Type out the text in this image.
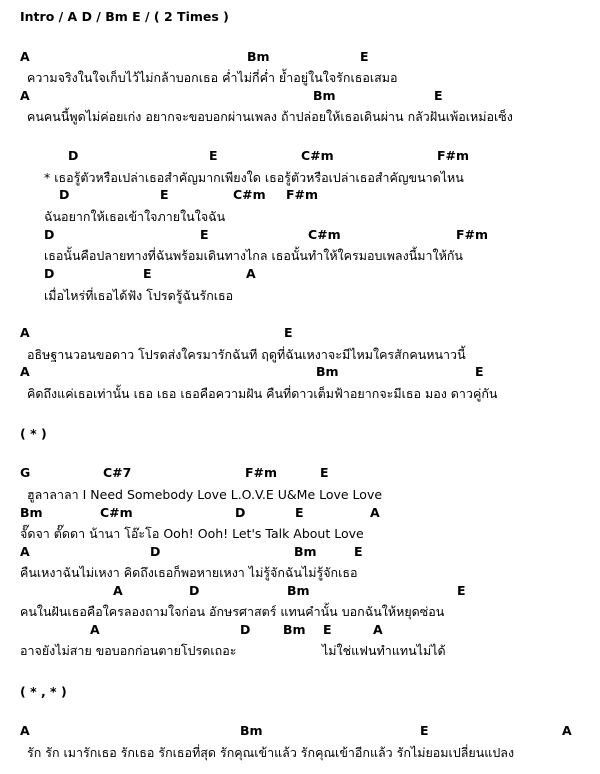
Intro / A D / Bm E / ( 2 Times )
A	Bm	E
ความจริงในใจเก็บไว้ไม่กล้าบอกเธอ ค่ำไม่กี่ค่ำ ย้ำอยู่ในใจรักเธอเสมอ
A	Bm	E
คนคนนี้พูดไม่ค่อยเก่ง อยากจะขอบอกผ่านเพลง ถ้าปล่อยให้เธอเดินผ่าน กลัวฝันเพ้อเหม่อเซ็ง
D	E	C#m	F#m
* เธอรู้ตัวหรือเปล่าเธอสำคัญมากเพียงใด เธอรู้ตัวหรือเปล่าเธอสำคัญขนาดไหน
D	E	C#m F#m
ฉันอยากให้เธอเข้าใจภายในใจฉัน
D	E	C#m	F#m
เธอนั้นคือปลายทางที่ฉันพร้อมเดินทางไกล เธอนั้นทำให้ใครมอบเพลงนี้มาให้กัน
D	E	A
เมื่อไหร่ที่เธอได้ฟัง โปรดรู้ฉันรักเธอ
A	E
อธิษฐานวอนขอดาว โปรดส่งใครมารักฉันที ฤดูที่ฉันเหงาจะมีไหมใครสักคนหนาวนี้
A	Bm	E
คิดถึงแค่เธอเท่านั้น เธอ เธอ เธอคือความฝัน คืนที่ดาวเต็มฟ้าอยากจะมีเธอ มอง ดาวคู่กัน
( * )
G	C#7	F#m	E
ฮูลาลาลา I Need Somebody Love L.O.V.E U&Me Love Love
Bm	C#m	D	E	A
จั๊ดจา ตั๊ดดา น้านา โอ๊ะโอ Ooh! Ooh! Let's Talk About Love
A	D	Bm	E
คืนเหงาฉันไม่เหงา คิดถึงเธอก็พอหายเหงา ไม่รู้จักฉันไม่รู้จักเธอ
A	D	Bm	E
คนในฝันเธอคือใครลองถามใจก่อน อักษรศาสตร์ แทนคำนั้น บอกฉันให้หยุดซ่อน
A	D	Bm E	A
อาจยังไม่สาย ขอบอกก่อนตายโปรดเถอะ	ไม่ใช่แฟนทำแทนไม่ได้
( * , * )
A	Bm	E	A
รัก รัก เมารักเธอ รักเธอ รักเธอที่สุด รักคุณเข้าแล้ว รักคุณเข้าอีกแล้ว รักไม่ยอมเปลี่ยนแปลง
